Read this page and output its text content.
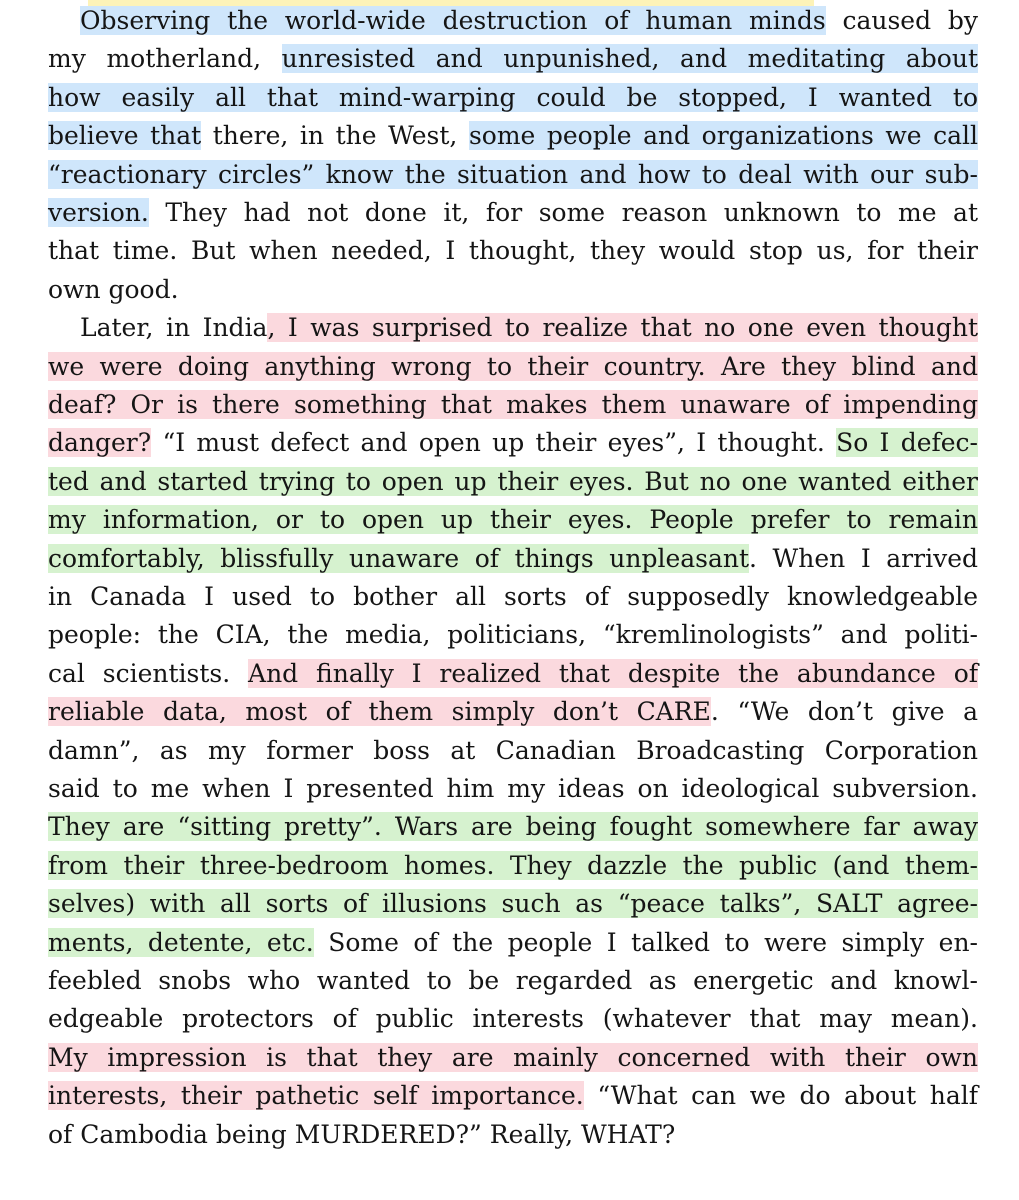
Observing the world-wide destruction of human minds caused by
my motherland, unresisted and unpunished, and meditating about
how easily all that mind-warping could be stopped, I wanted to
believe that there, in the West, some people and organizations we call
“reactionary circles” know the situation and how to deal with our sub-
version. They had not done it, for some reason unknown to me at
that time. But when needed, I thought, they would stop us, for their
own good.
Later, in India, I was surprised to realize that no one even thought
we were doing anything wrong to their country. Are they blind and
deaf? Or is there something that makes them unaware of impending
danger? “I must defect and open up their eyes”, I thought. So I defec-
ted and started trying to open up their eyes. But no one wanted either
my information, or to open up their eyes. People prefer to remain
comfortably, blissfully unaware of things unpleasant. When I arrived
in Canada I used to bother all sorts of supposedly knowledgeable
people: the CIA, the media, politicians, “kremlinologists” and politi-
cal scientists. And finally I realized that despite the abundance of
reliable data, most of them simply don’t CARE. “We don’t give a
damn”, as my former boss at Canadian Broadcasting Corporation
said to me when I presented him my ideas on ideological subversion.
They are “sitting pretty”. Wars are being fought somewhere far away
from their three-bedroom homes. They dazzle the public (and them-
selves) with all sorts of illusions such as “peace talks”, SALT agree-
ments, detente, etc. Some of the people I talked to were simply en-
feebled snobs who wanted to be regarded as energetic and knowl-
edgeable protectors of public interests (whatever that may mean).
My impression is that they are mainly concerned with their own
interests, their pathetic self importance. “What can we do about half
of Cambodia being MURDERED?” Really, WHAT?
